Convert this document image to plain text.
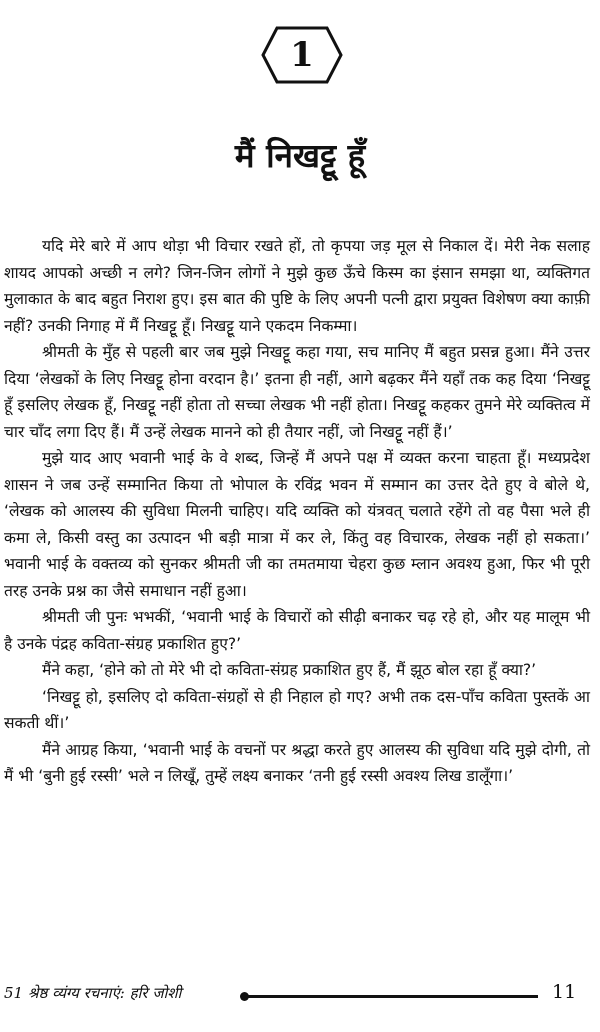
1
मैं निखट्टू हूँ

यदि मेरे बारे में आप थोड़ा भी विचार रखते हों, तो कृपया जड़ मूल से निकाल दें। मेरी नेक सलाह शायद आपको अच्छी न लगे? जिन-जिन लोगों ने मुझे कुछ ऊँचे किस्म का इंसान समझा था, व्यक्तिगत मुलाकात के बाद बहुत निराश हुए। इस बात की पुष्टि के लिए अपनी पत्नी द्वारा प्रयुक्त विशेषण क्या काफ़ी नहीं? उनकी निगाह में मैं निखट्टू हूँ। निखट्टू याने एकदम निकम्मा।

श्रीमती के मुँह से पहली बार जब मुझे निखट्टू कहा गया, सच मानिए मैं बहुत प्रसन्न हुआ। मैंने उत्तर दिया ‘लेखकों के लिए निखट्टू होना वरदान है।’ इतना ही नहीं, आगे बढ़कर मैंने यहाँ तक कह दिया ‘निखट्टू हूँ इसलिए लेखक हूँ, निखट्टू नहीं होता तो सच्चा लेखक भी नहीं होता। निखट्टू कहकर तुमने मेरे व्यक्तित्व में चार चाँद लगा दिए हैं। मैं उन्हें लेखक मानने को ही तैयार नहीं, जो निखट्टू नहीं हैं।’

मुझे याद आए भवानी भाई के वे शब्द, जिन्हें मैं अपने पक्ष में व्यक्त करना चाहता हूँ। मध्यप्रदेश शासन ने जब उन्हें सम्मानित किया तो भोपाल के रविंद्र भवन में सम्मान का उत्तर देते हुए वे बोले थे, ‘लेखक को आलस्य की सुविधा मिलनी चाहिए। यदि व्यक्ति को यंत्रवत् चलाते रहेंगे तो वह पैसा भले ही कमा ले, किसी वस्तु का उत्पादन भी बड़ी मात्रा में कर ले, किंतु वह विचारक, लेखक नहीं हो सकता।’ भवानी भाई के वक्तव्य को सुनकर श्रीमती जी का तमतमाया चेहरा कुछ म्लान अवश्य हुआ, फिर भी पूरी तरह उनके प्रश्न का जैसे समाधान नहीं हुआ।

श्रीमती जी पुनः भभकीं, ‘भवानी भाई के विचारों को सीढ़ी बनाकर चढ़ रहे हो, और यह मालूम भी है उनके पंद्रह कविता-संग्रह प्रकाशित हुए?’

मैंने कहा, ‘होने को तो मेरे भी दो कविता-संग्रह प्रकाशित हुए हैं, मैं झूठ बोल रहा हूँ क्या?’

‘निखट्टू हो, इसलिए दो कविता-संग्रहों से ही निहाल हो गए? अभी तक दस-पाँच कविता पुस्तकें आ सकती थीं।’

मैंने आग्रह किया, ‘भवानी भाई के वचनों पर श्रद्धा करते हुए आलस्य की सुविधा यदि मुझे दोगी, तो मैं भी ‘बुनी हुई रस्सी’ भले न लिखूँ, तुम्हें लक्ष्य बनाकर ‘तनी हुई रस्सी अवश्य लिख डालूँगा।’

51 श्रेष्ठ व्यंग्य रचनाएं: हरि जोशी	11
